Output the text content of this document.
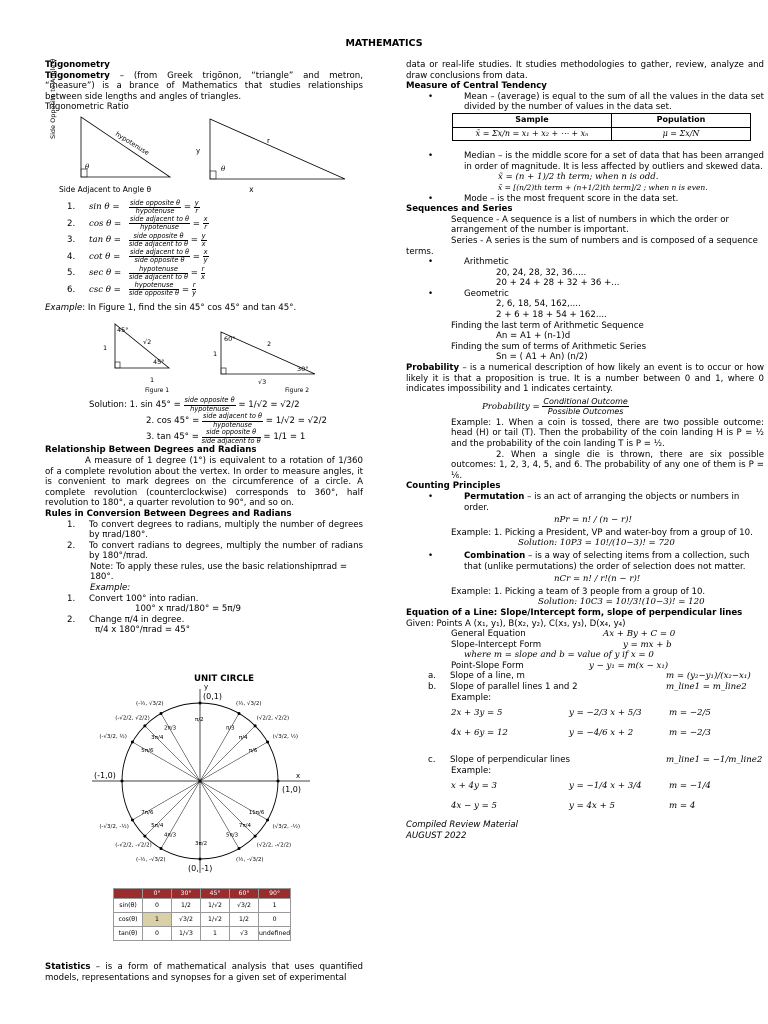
MATHEMATICS

Trigonometry

Trigonometry – (from Greek trigōnon, “triangle” and metron, “measure”) is a brance of Mathematics that studies relationships between side lengths and angles of triangles.

Trigonometric Ratio

Side Opposite to Angle θ
hypotenuse
θ
y
r
θ
Side Adjacent to Angle θ	x
1.	sin θ =	$\frac{\text{side opposite θ}}{\text{hypotenuse}} = \frac{y}{r}$
2.	cos θ =	$\frac{\text{side adjacent to θ}}{\text{hypotenuse}} = \frac{x}{r}$
3.	tan θ =	$\frac{\text{side opposite θ}}{\text{side adjacent to θ}} = \frac{y}{x}$
4.	cot θ =	$\frac{\text{side adjacent to θ}}{\text{side opposite θ}} = \frac{x}{y}$
5.	sec θ =	$\frac{\text{hypotenuse}}{\text{side adjacent to θ}} = \frac{r}{x}$
6.	csc θ =	$\frac{\text{hypotenuse}}{\text{side opposite θ}} = \frac{r}{y}$

Example: In Figure 1, find the sin 45° cos 45° and tan 45°.

45°
1
√2
45°
1
Figure 1
60°
1
2
30°
√3
Figure 2
Solution: 1. sin 45° =
$\frac{\text{side opposite θ}}{\text{hypotenuse}}$
= 1/√2 = √2/2
2. cos 45° =
$\frac{\text{side adjacent to θ}}{\text{hypotenuse}}$
= 1/√2 = √2/2
3. tan 45° =
$\frac{\text{side opposite θ}}{\text{side adjacent to θ}}$
= 1/1 = 1

Relationship Between Degrees and Radians

A measure of 1 degree (1°) is equivalent to a rotation of 1/360 of a complete revolution about the vertex. In order to measure angles, it is convenient to mark degrees on the circumference of a circle. A complete revolution (counterclockwise) corresponds to 360°, half revolution to 180°, a quarter revolution to 90°, and so on.

Rules in Conversion Between Degrees and Radians

1.	To convert degrees to radians, multiply the number of degrees by πrad/180°.
2.	To convert radians to degrees, multiply the number of radians by 180°/πrad.

Note: To apply these rules, use the basic relationshipπrad = 180°.

Example:

1.	Convert 100° into radian.

100° x πrad/180° = 5π/9

2.	Change π/4 in degree.

π/4 x 180°/πrad = 45°

UNIT CIRCLE

(0,1)
(0, -1)
(-1,0)
(1,0)
x
y
(½, √3/2)
(√2/2, √2/2)
(√3/2, ½)
(-½, √3/2)
(-√2/2, √2/2)
(-√3/2, ½)
(-√3/2, -½)
(-√2/2, -√2/2)
(-½, -√3/2)	(½, -√3/2)
(√2/2, -√2/2)
(√3/2, -½)
π/2
π/3
π/4
π/6
2π/3
3π/4
5π/6
7π/6
5π/4
4π/3
3π/2
5π/3
7π/4
11π/6
	0°	30°	45°	60°	90°
sin(θ)	0	1/2	1/√2	√3/2	1
cos(θ)	1	√3/2	1/√2	1/2	0
tan(θ)	0	1/√3	1	√3	undefined

Statistics – is a form of mathematical analysis that uses quantified models, representations and synopses for a given set of experimental

data or real-life studies. It studies methodologies to gather, review, analyze and draw conclusions from data.

Measure of Central Tendency

•	Mean – (average) is equal to the sum of all the values in the data set divided by the number of values in the data set.
Sample	Population
x̄ = Σx/n = x₁ + x₂ + ⋯ + xₙ	μ = Σx/N
•	Median – is the middle score for a set of data that has been arranged in order of magnitude. It is less affected by outliers and skewed data.

x̃ = (n + 1)/2 th term; when n is odd.

x̃ = [(n/2)th term + (n+1/2)th term]/2 ; when n is even.

•	Mode – is the most frequent score in the data set.

Sequences and Series

Sequence - A sequence is a list of numbers in which the order or arrangement of the number is important.

Series - A series is the sum of numbers and is composed of a sequence terms.

•	Arithmetic

20, 24, 28, 32, 36.....

20 + 24 + 28 + 32 + 36 +...

•	Geometric

2, 6, 18, 54, 162,....

2 + 6 + 18 + 54 + 162....

Finding the last term of Arithmetic Sequence

An = A1 + (n-1)d

Finding the sum of terms of Arithmetic Series

Sn = ( A1 + An) (n/2)

Probability – is a numerical description of how likely an event is to occur or how likely it is that a proposition is true. It is a number between 0 and 1, where 0 indicates impossibility and 1 indicates certainty.

Probability = $\frac{\text{Conditional Outcome}}{\text{Possible Outcomes}}$

Example: 1. When a coin is tossed, there are two possible outcome: head (H) or tail (T). Then the probability of the coin landing H is P = ½ and the probability of the coin landing T is P = ½.

2. When a single die is thrown, there are six possible outcomes: 1, 2, 3, 4, 5, and 6. The probability of any one of them is P = ⅙.

Counting Principles

•	Permutation – is an act of arranging the objects or numbers in order.

nPr = n! / (n − r)!

Example: 1. Picking a President, VP and water-boy from a group of 10.

Solution: 10P3 = 10!/(10−3)! = 720

•	Combination – is a way of selecting items from a collection, such that (unlike permutations) the order of selection does not matter.

nCr = n! / r!(n − r)!

Example: 1. Picking a team of 3 people from a group of 10.

Solution: 10C3 = 10!/3!(10−3)! = 120

Equation of a Line: Slope/Intercept form, slope of perpendicular lines

Given: Points A (x₁, y₁), B(x₂, y₂), C(x₃, y₃), D(x₄, y₄)

General Equation	Ax + By + C = 0
Slope-Intercept Form	y = mx + b

where m = slope and b = value of y if x = 0

Point-Slope Form	y − y₁ = m(x − x₁)
a.	Slope of a line, m	m = (y₂−y₁)/(x₂−x₁)
b.	Slope of parallel lines 1 and 2	m_line1 = m_line2

Example:

2x + 3y = 5	y = −2/3 x + 5/3	m = −2/5
4x + 6y = 12	y = −4/6 x + 2	m = −2/3
c.	Slope of perpendicular lines	m_line1 = −1/m_line2

Example:

x + 4y = 3	y = −1/4 x + 3/4	m = −1/4
4x − y = 5	y = 4x + 5	m = 4

Compiled Review Material

AUGUST 2022
